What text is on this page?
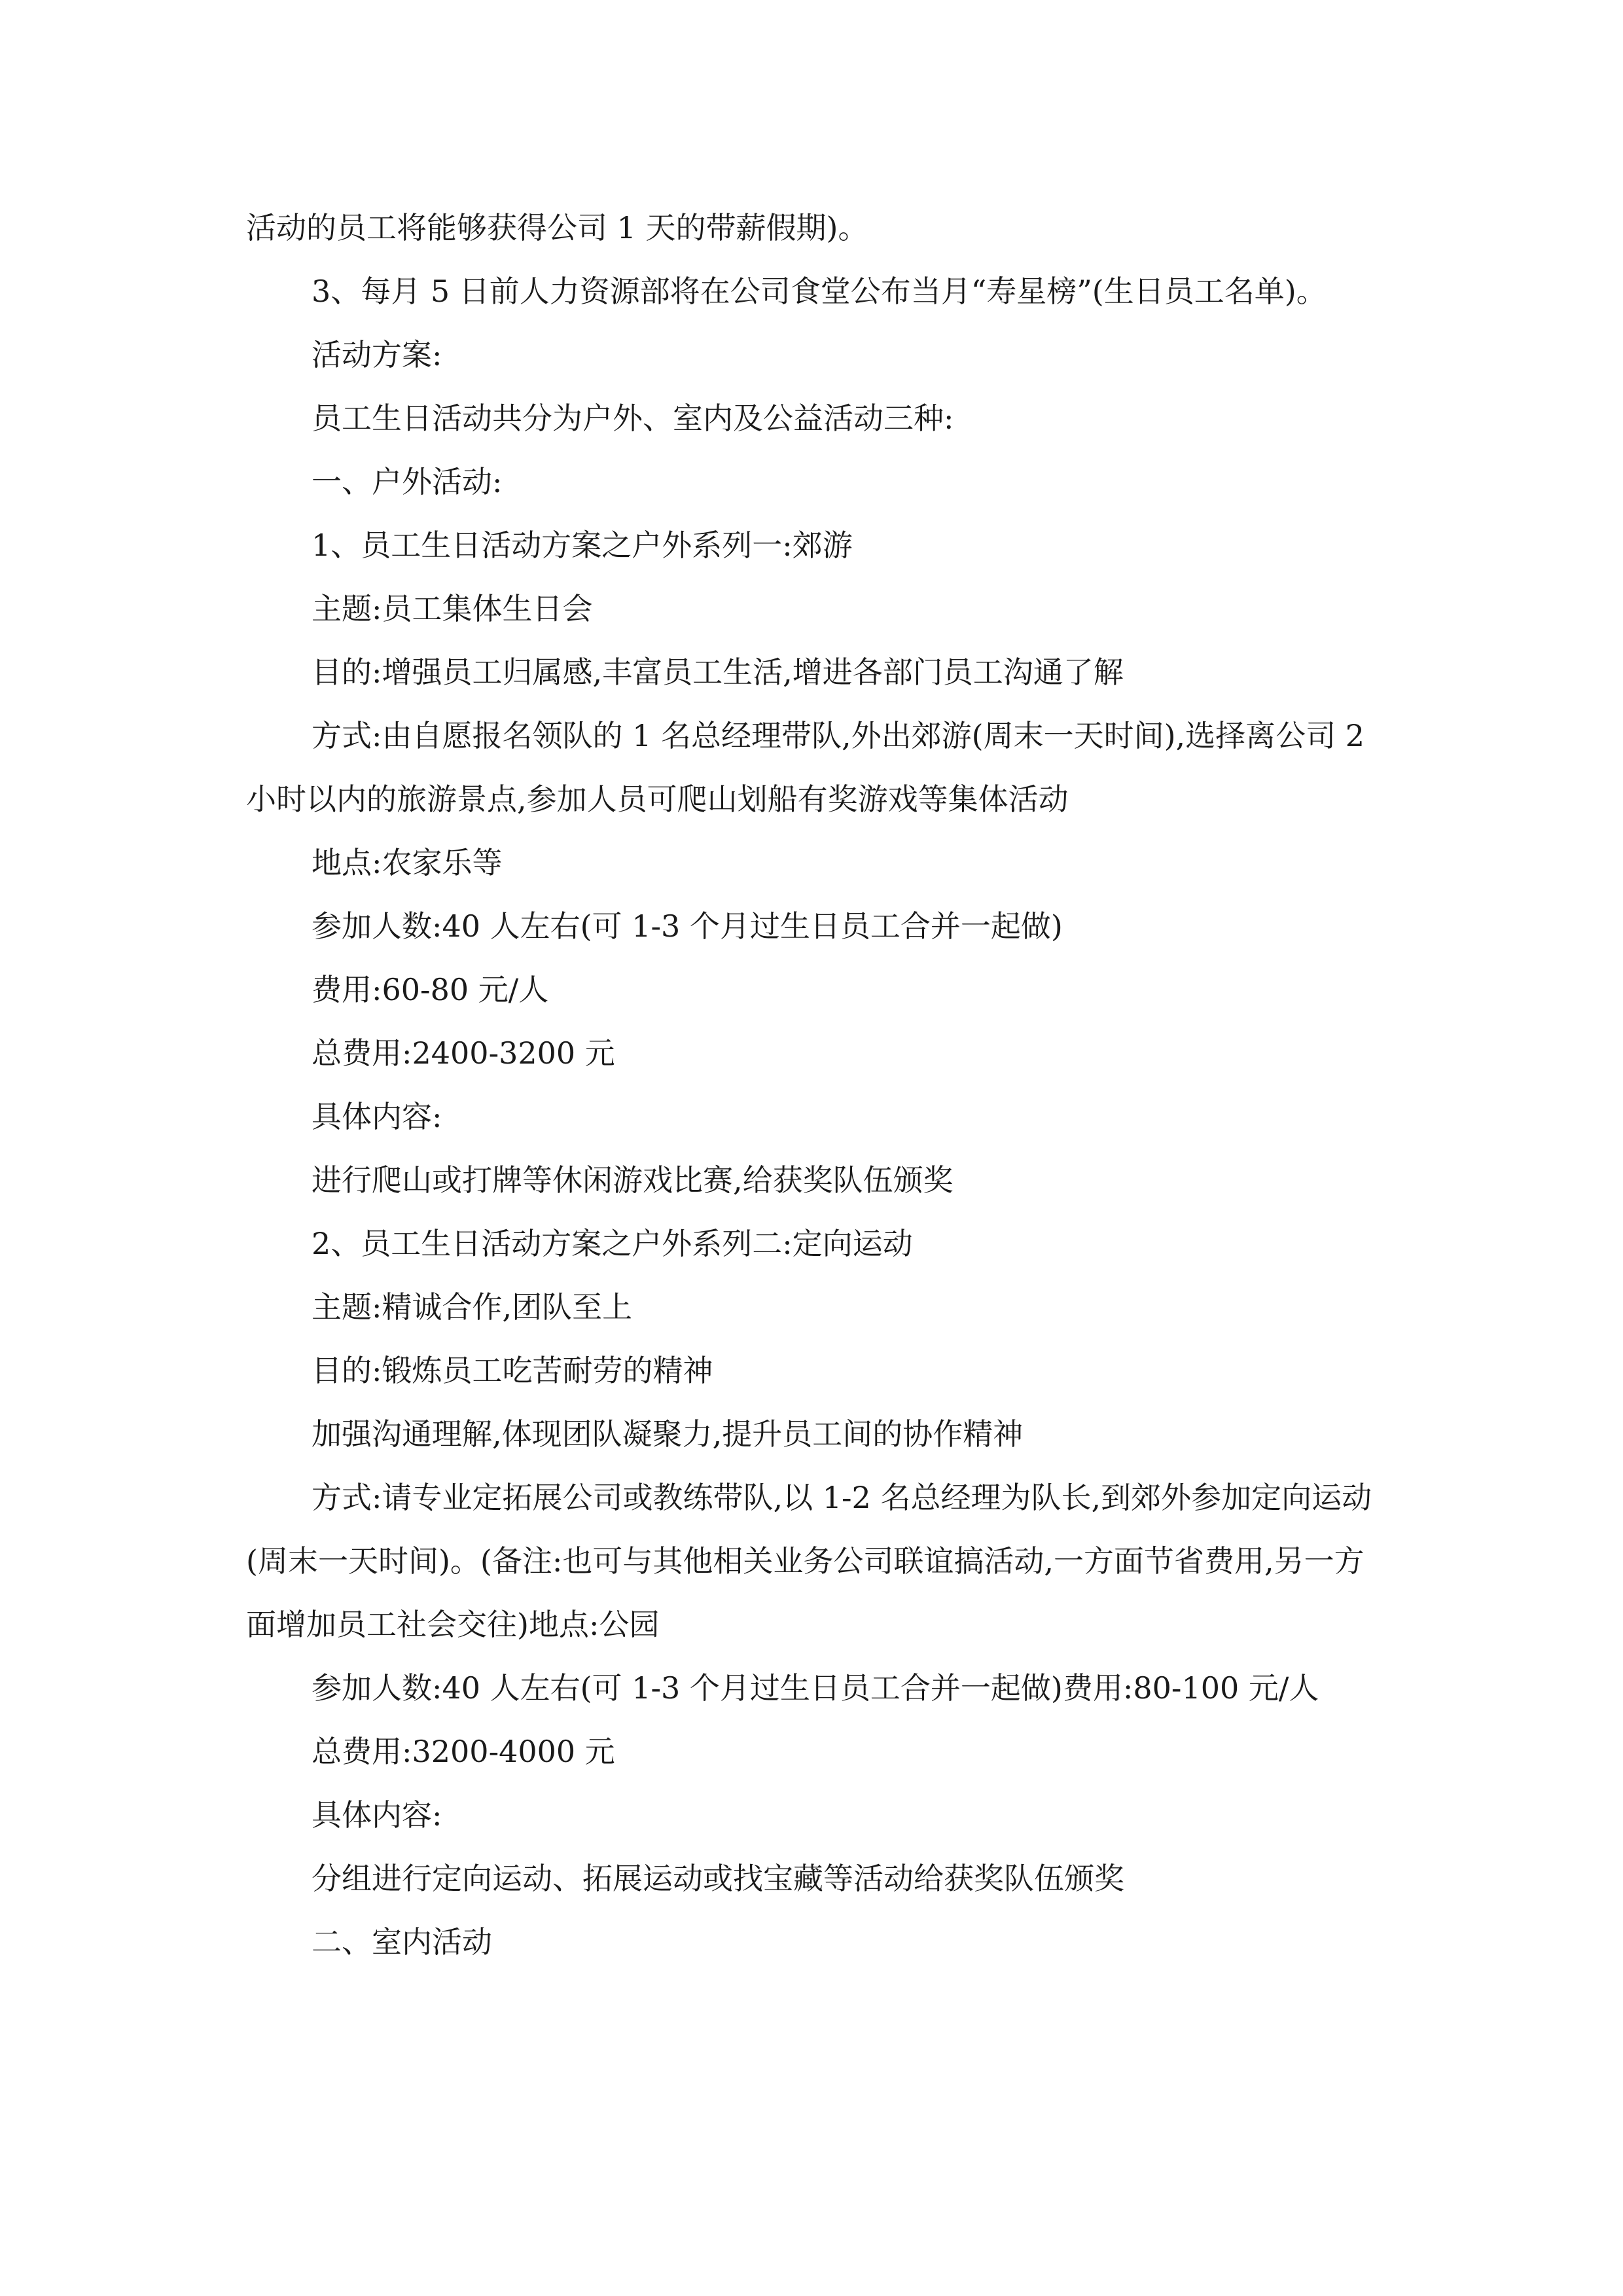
活动的员工将能够获得公司 1 天的带薪假期)。

3、每月 5 日前人力资源部将在公司食堂公布当月“寿星榜”(生日员工名单)。

活动方案:

员工生日活动共分为户外、室内及公益活动三种:

一、户外活动:

1、员工生日活动方案之户外系列一:郊游

主题:员工集体生日会

目的:增强员工归属感,丰富员工生活,增进各部门员工沟通了解

方式:由自愿报名领队的 1 名总经理带队,外出郊游(周末一天时间),选择离公司 2 小时以内的旅游景点,参加人员可爬山划船有奖游戏等集体活动

地点:农家乐等

参加人数:40 人左右(可 1-3 个月过生日员工合并一起做)

费用:60-80 元/人

总费用:2400-3200 元

具体内容:

进行爬山或打牌等休闲游戏比赛,给获奖队伍颁奖

2、员工生日活动方案之户外系列二:定向运动

主题:精诚合作,团队至上

目的:锻炼员工吃苦耐劳的精神

加强沟通理解,体现团队凝聚力,提升员工间的协作精神

方式:请专业定拓展公司或教练带队,以 1-2 名总经理为队长,到郊外参加定向运动(周末一天时间)。(备注:也可与其他相关业务公司联谊搞活动,一方面节省费用,另一方面增加员工社会交往)地点:公园

参加人数:40 人左右(可 1-3 个月过生日员工合并一起做)费用:80-100 元/人

总费用:3200-4000 元

具体内容:

分组进行定向运动、拓展运动或找宝藏等活动给获奖队伍颁奖

二、室内活动
